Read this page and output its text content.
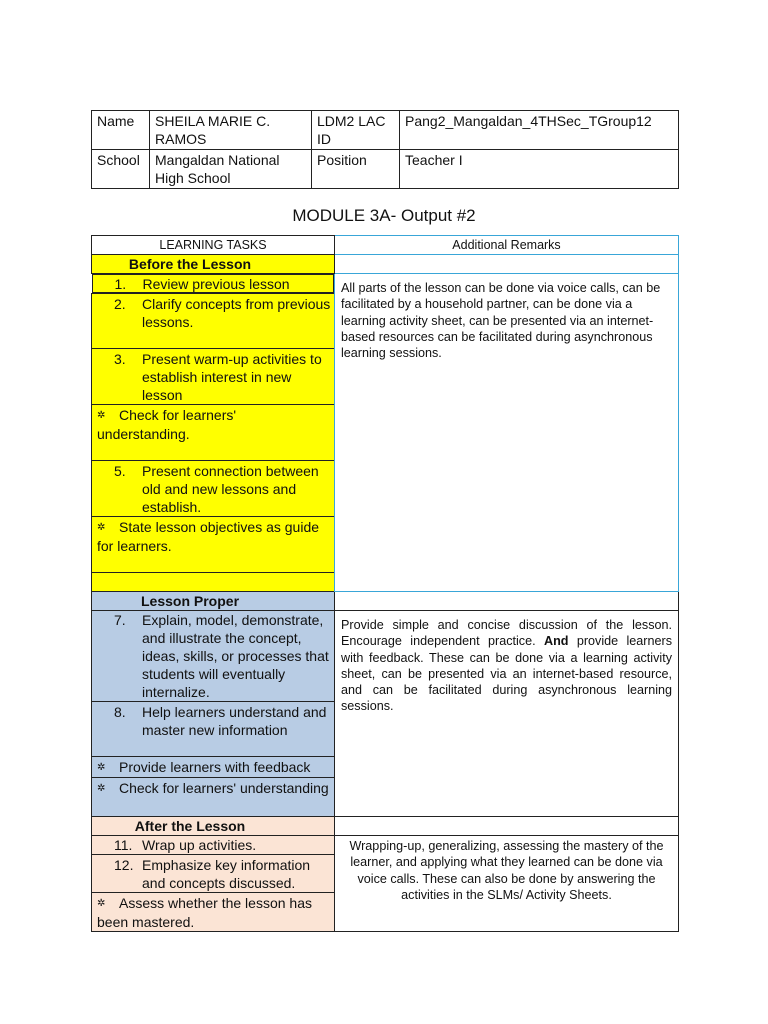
Name	SHEILA MARIE C. RAMOS	LDM2 LAC ID	Pang2_Mangaldan_4THSec_TGroup12
School	Mangaldan National High School	Position	Teacher I
MODULE 3A- Output #2
LEARNING TASKS	Additional Remarks
Before the Lesson	

1.	Review previous lesson	All parts of the lesson can be done via voice calls, can be facilitated by a household partner, can be done via a learning activity sheet, can be presented via an internet-
based resources can be facilitated during asynchronous learning sessions.

2. Clarify concepts from previous lessons.	

3. Present warm-up activities to establish interest in new lesson	

✲ Check for learners' understanding.	

5. Present connection between old and new lessons and establish.	

✲ State lesson objectives as guide for learners.	

Lesson Proper	

7. Explain, model, demonstrate, and illustrate the concept, ideas, skills, or processes that students will eventually internalize.	Provide simple and concise discussion of the lesson. Encourage independent practice. And provide learners with feedback. These can be done via a learning activity sheet, can be presented via an internet-based resource, and can be facilitated during asynchronous learning sessions.

8. Help learners understand and master new information	

✲ Provide learners with feedback	
✲ Check for learners' understanding	
After the Lesson	

11. Wrap up activities.	Wrapping-up, generalizing, assessing the mastery of the learner, and applying what they learned can be done via voice calls. These can also be done by answering the activities in the SLMs/ Activity Sheets.

12. Emphasize key information and concepts discussed.	

✲ Assess whether the lesson has been mastered.	
